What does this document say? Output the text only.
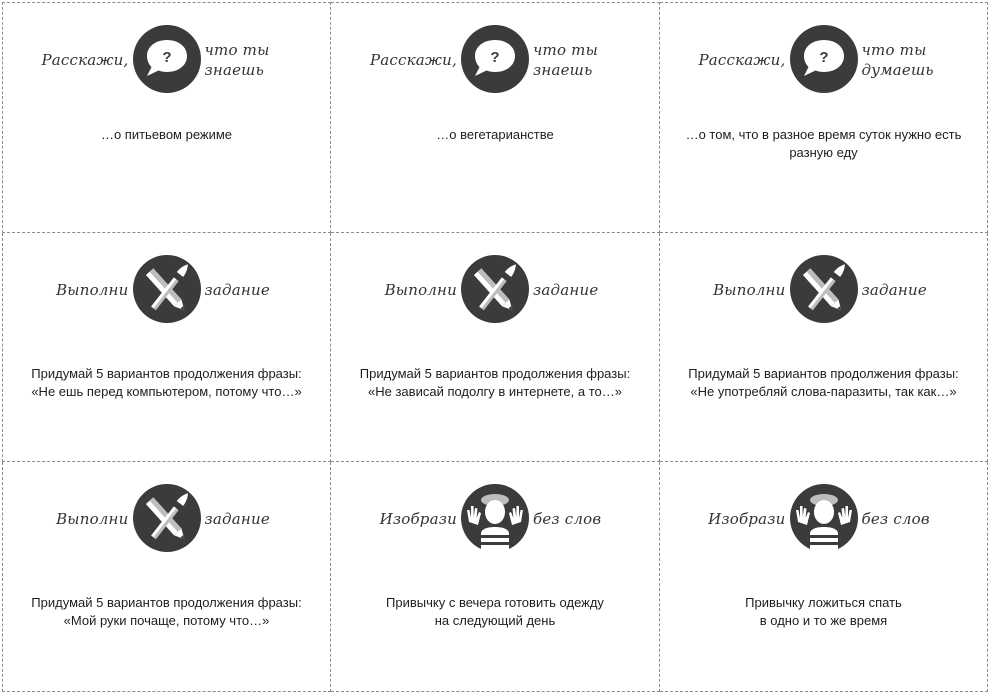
Расскажи, ? что ты
знаешь
…о питьевом режиме
Расскажи, ? что ты
знаешь
…о вегетарианстве
Расскажи, ? что ты
думаешь
…о том, что в разное время суток нужно есть
разную еду
Выполни	задание
Придумай 5 вариантов продолжения фразы:
«Не ешь перед компьютером, потому что…»
Выполни	задание
Придумай 5 вариантов продолжения фразы:
«Не зависай подолгу в интернете, а то…»
Выполни	задание
Придумай 5 вариантов продолжения фразы:
«Не употребляй слова-паразиты, так как…»
Выполни	задание
Придумай 5 вариантов продолжения фразы:
«Мой руки почаще, потому что…»
Изобрази	без слов
Привычку с вечера готовить одежду
на следующий день
Изобрази	без слов
Привычку ложиться спать
в одно и то же время
